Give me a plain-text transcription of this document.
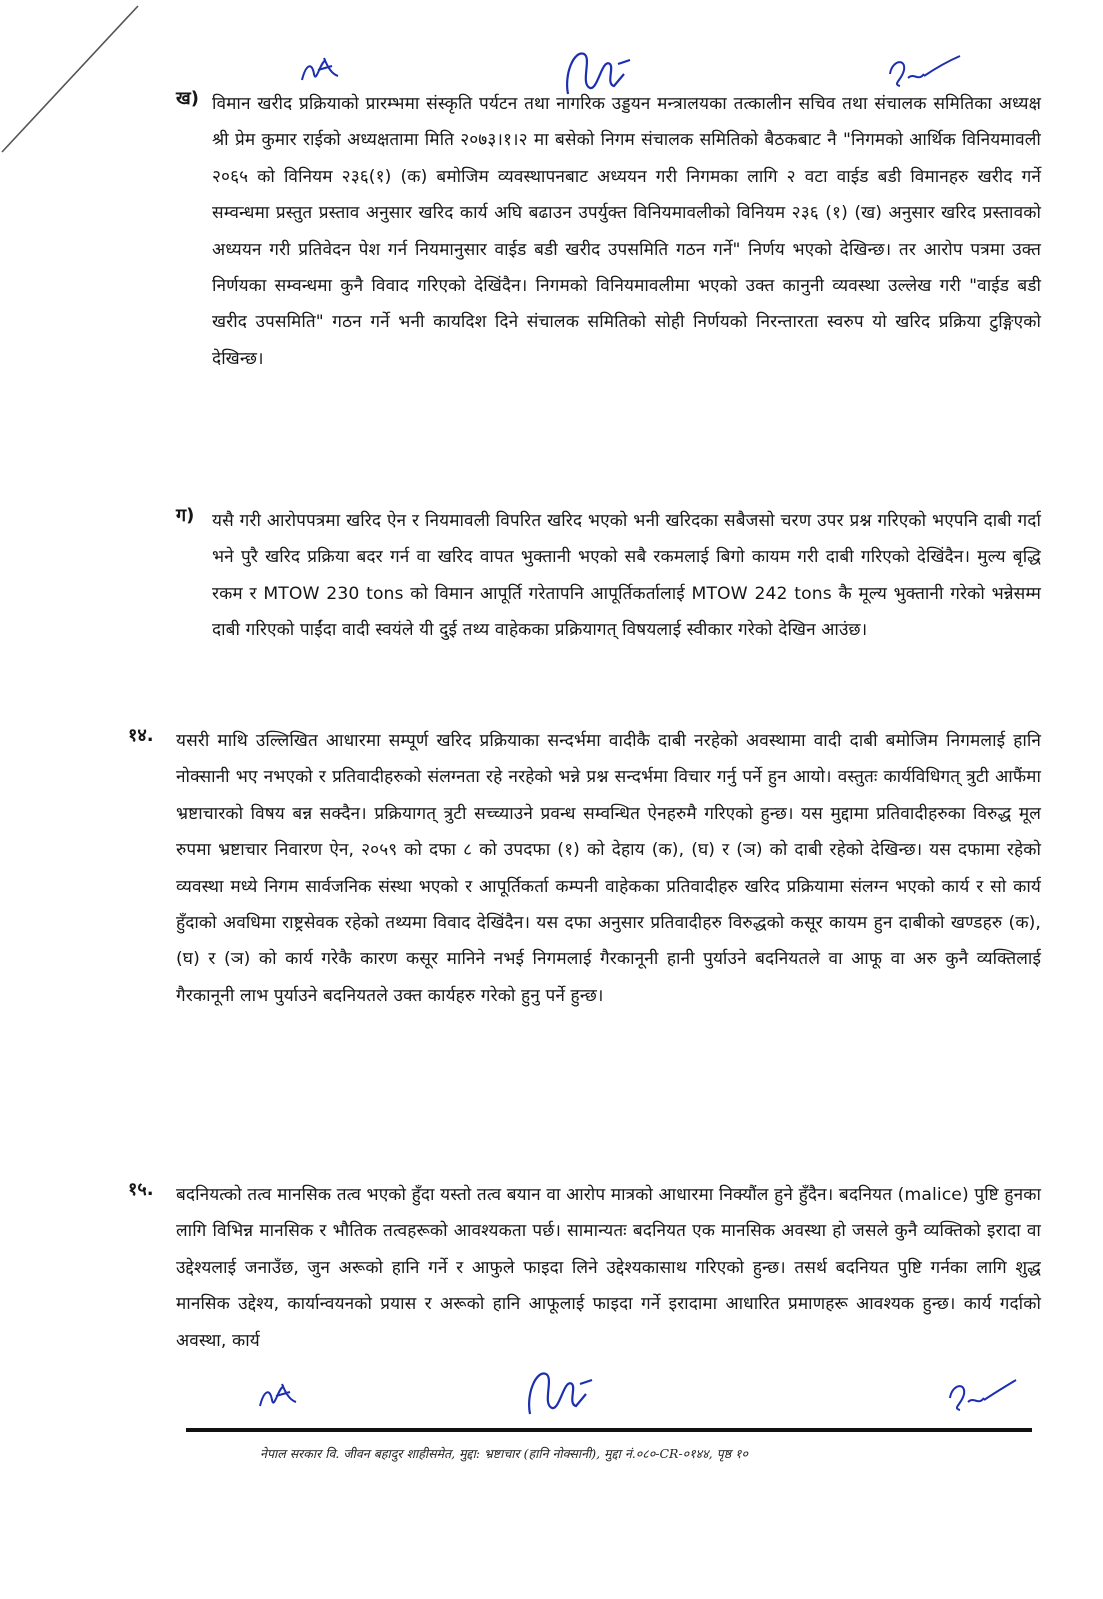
ख)
ग)
१४.
१५.
विमान खरीद प्रक्रियाको प्रारम्भमा संस्कृति पर्यटन तथा नागरिक उड्डयन मन्त्रालयका तत्कालीन सचिव तथा संचालक समितिका अध्यक्ष श्री प्रेम कुमार राईको अध्यक्षतामा मिति २०७३।१।२ मा बसेको निगम संचालक समितिको बैठकबाट नै "निगमको आर्थिक विनियमावली २०६५ को विनियम २३६(१) (क) बमोजिम व्यवस्थापनबाट अध्ययन गरी निगमका लागि २ वटा वाईड बडी विमानहरु खरीद गर्ने सम्वन्धमा प्रस्तुत प्रस्ताव अनुसार खरिद कार्य अघि बढाउन उपर्युक्त विनियमावलीको विनियम २३६ (१) (ख) अनुसार खरिद प्रस्तावको अध्ययन गरी प्रतिवेदन पेश गर्न नियमानुसार वाईड बडी खरीद उपसमिति गठन गर्ने" निर्णय भएको देखिन्छ। तर आरोप पत्रमा उक्त निर्णयका सम्वन्धमा कुनै विवाद गरिएको देखिंदैन। निगमको विनियमावलीमा भएको उक्त कानुनी व्यवस्था उल्लेख गरी "वाईड बडी खरीद उपसमिति" गठन गर्ने भनी कायदिश दिने संचालक समितिको सोही निर्णयको निरन्तारता स्वरुप यो खरिद प्रक्रिया टुङ्गिएको देखिन्छ।
यसै गरी आरोपपत्रमा खरिद ऐन र नियमावली विपरित खरिद भएको भनी खरिदका सबैजसो चरण उपर प्रश्न गरिएको भएपनि दाबी गर्दा भने पुरै खरिद प्रक्रिया बदर गर्न वा खरिद वापत भुक्तानी भएको सबै रकमलाई बिगो कायम गरी दाबी गरिएको देखिंदैन। मुल्य बृद्धि रकम र MTOW 230 tons को विमान आपूर्ति गरेतापनि आपूर्तिकर्तालाई MTOW 242 tons कै मूल्य भुक्तानी गरेको भन्नेसम्म दाबी गरिएको पाईंदा वादी स्वयंले यी दुई तथ्य वाहेकका प्रक्रियागत् विषयलाई स्वीकार गरेको देखिन आउंछ।
यसरी माथि उल्लिखित आधारमा सम्पूर्ण खरिद प्रक्रियाका सन्दर्भमा वादीकै दाबी नरहेको अवस्थामा वादी दाबी बमोजिम निगमलाई हानि नोक्सानी भए नभएको र प्रतिवादीहरुको संलग्नता रहे नरहेको भन्ने प्रश्न सन्दर्भमा विचार गर्नु पर्ने हुन आयो। वस्तुतः कार्यविधिगत् त्रुटी आफैंमा भ्रष्टाचारको विषय बन्न सक्दैन। प्रक्रियागत् त्रुटी सच्च्याउने प्रवन्ध सम्वन्धित ऐनहरुमै गरिएको हुन्छ। यस मुद्दामा प्रतिवादीहरुका विरुद्ध मूल रुपमा भ्रष्टाचार निवारण ऐन, २०५९ को दफा ८ को उपदफा (१) को देहाय (क), (घ) र (ञ) को दाबी रहेको देखिन्छ। यस दफामा रहेको व्यवस्था मध्ये निगम सार्वजनिक संस्था भएको र आपूर्तिकर्ता कम्पनी वाहेकका प्रतिवादीहरु खरिद प्रक्रियामा संलग्न भएको कार्य र सो कार्य हुँदाको अवधिमा राष्ट्रसेवक रहेको तथ्यमा विवाद देखिंदैन। यस दफा अनुसार प्रतिवादीहरु विरुद्धको कसूर कायम हुन दाबीको खण्डहरु (क), (घ) र (ञ) को कार्य गरेकै कारण कसूर मानिने नभई निगमलाई गैरकानूनी हानी पुर्याउने बदनियतले वा आफू वा अरु कुनै व्यक्तिलाई गैरकानूनी लाभ पुर्याउने बदनियतले उक्त कार्यहरु गरेको हुनु पर्ने हुन्छ।
बदनियत्को तत्व मानसिक तत्व भएको हुँदा यस्तो तत्व बयान वा आरोप मात्रको आधारमा निक्यौंल हुने हुँदैन। बदनियत (malice) पुष्टि हुनका लागि विभिन्न मानसिक र भौतिक तत्वहरूको आवश्यकता पर्छ। सामान्यतः बदनियत एक मानसिक अवस्था हो जसले कुनै व्यक्तिको इरादा वा उद्देश्यलाई जनाउँछ, जुन अरूको हानि गर्ने र आफुले फाइदा लिने उद्देश्यकासाथ गरिएको हुन्छ। तसर्थ बदनियत पुष्टि गर्नका लागि शुद्ध मानसिक उद्देश्य, कार्यान्वयनको प्रयास र अरूको हानि आफूलाई फाइदा गर्ने इरादामा आधारित प्रमाणहरू आवश्यक हुन्छ। कार्य गर्दाको अवस्था, कार्य
नेपाल सरकार वि. जीवन बहादुर शाहीसमेत, मुद्दा: भ्रष्टाचार (हानि नोक्सानी), मुद्दा नं.०८०-CR-०१४४, पृष्ठ १०
